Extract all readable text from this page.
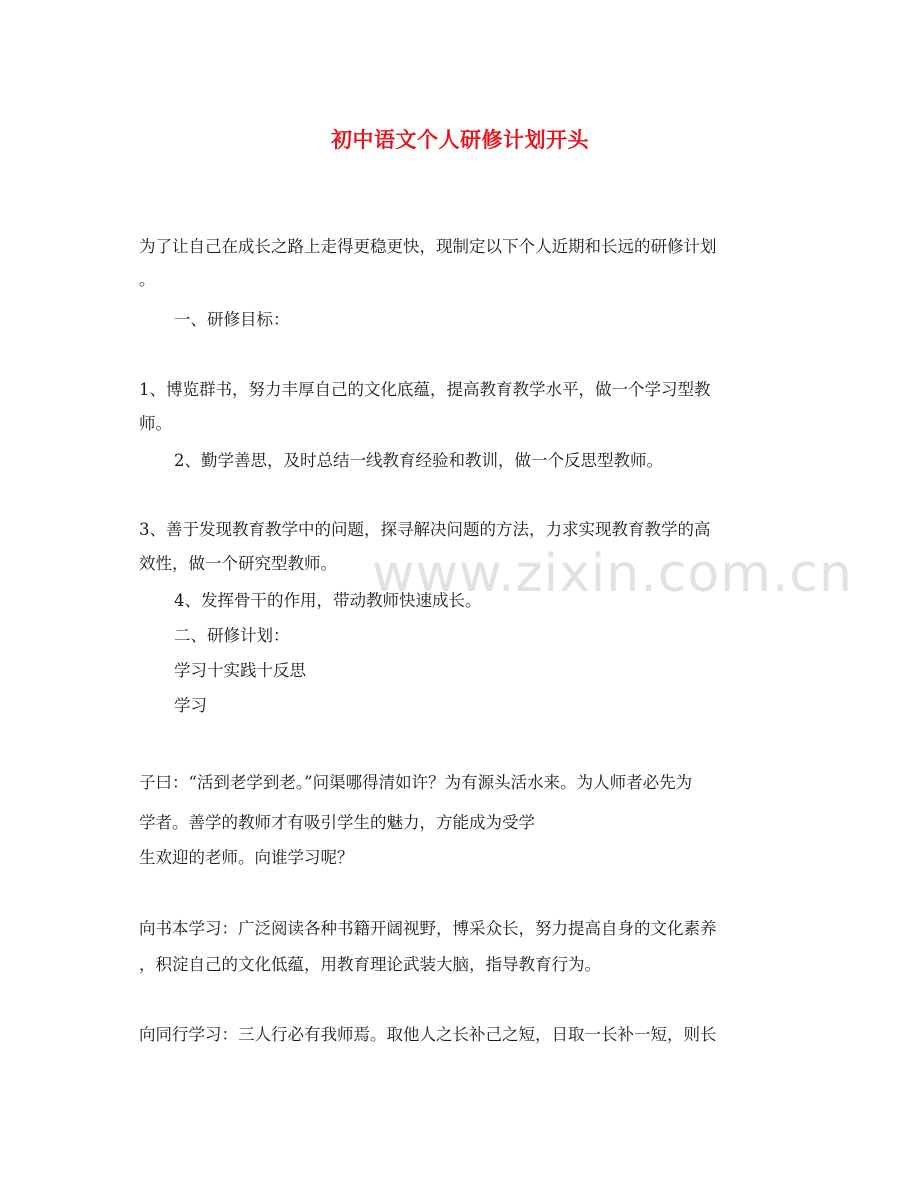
初中语文个人研修计划开头
为了让自己在成长之路上走得更稳更快，现制定以下个人近期和长远的研修计划
。
一、研修目标：
1、博览群书，努力丰厚自己的文化底蕴，提高教育教学水平，做一个学习型教
师。
2、勤学善思，及时总结一线教育经验和教训，做一个反思型教师。
3、善于发现教育教学中的问题，探寻解决问题的方法，力求实现教育教学的高
效性，做一个研究型教师。 www.zixin.com.cn
4、发挥骨干的作用，带动教师快速成长。
二、研修计划：
学习十实践十反思
学习
子曰：“活到老学到老。”问渠哪得清如许？为有源头活水来。为人师者必先为
学者。善学的教师才有吸引学生的魅力，方能成为受学
生欢迎的老师。向谁学习呢？
向书本学习：广泛阅读各种书籍开阔视野，博采众长，努力提高自身的文化素养
，积淀自己的文化低蕴，用教育理论武装大脑，指导教育行为。
向同行学习：三人行必有我师焉。取他人之长补己之短，日取一长补一短，则长
